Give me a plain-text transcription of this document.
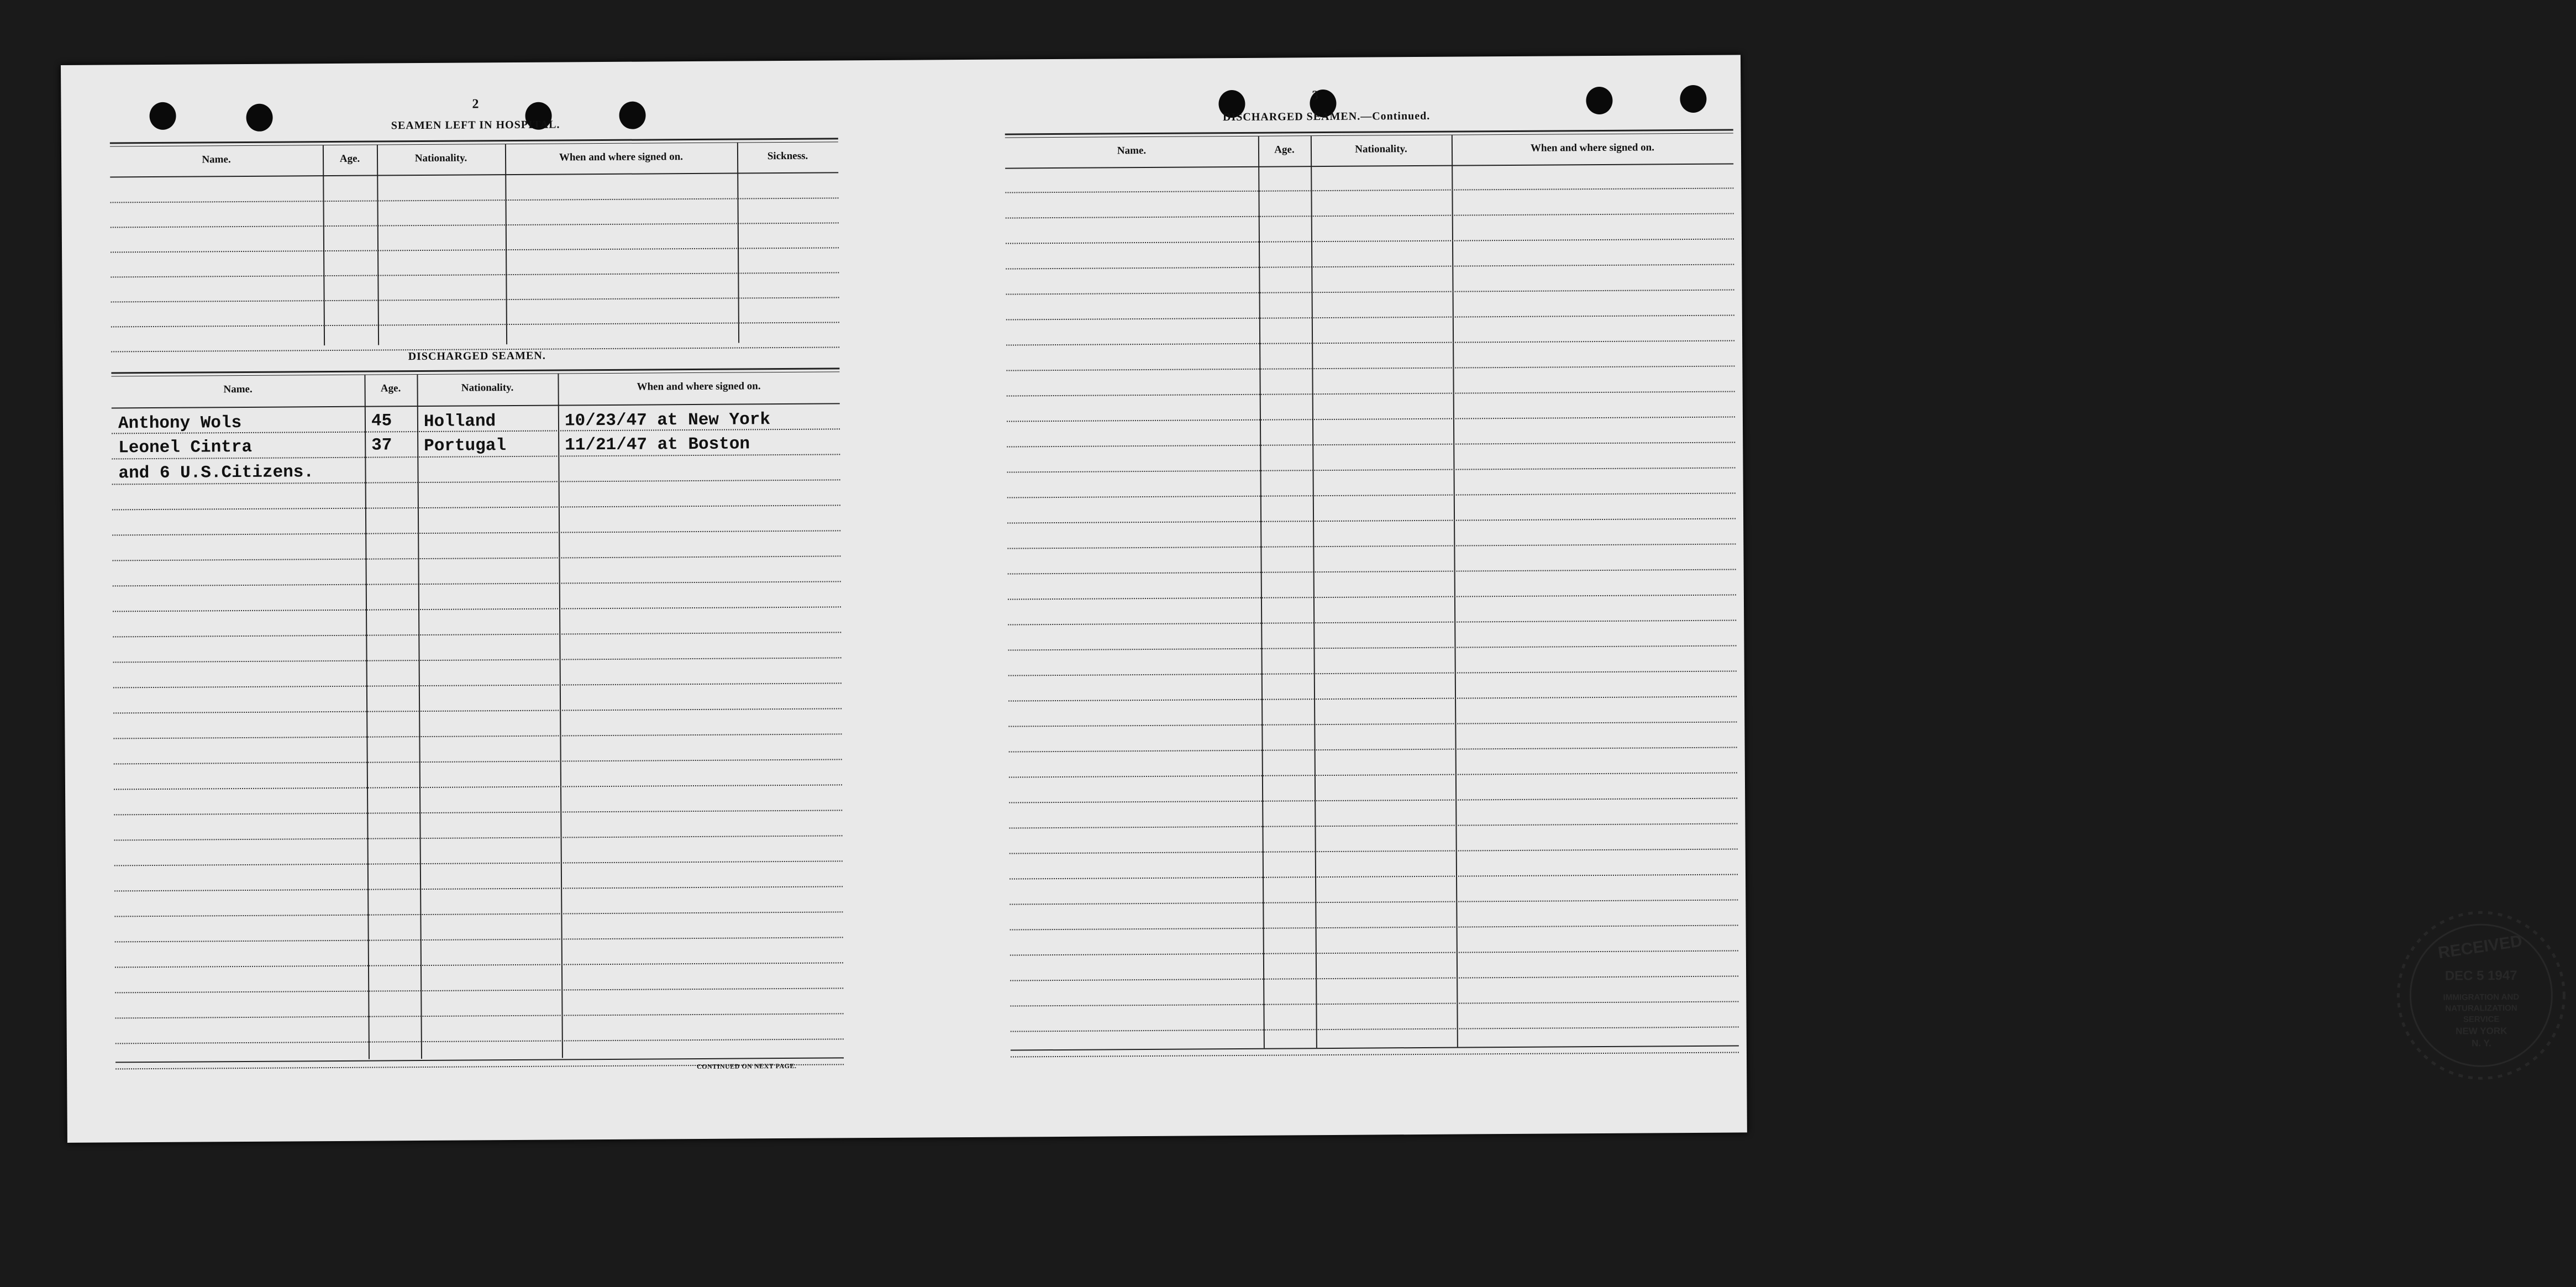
2
SEAMEN LEFT IN HOSPITAL.
Name.	Age.	Nationality.	When and where signed on.	Sickness.
DISCHARGED SEAMEN.
Name.	Age.	Nationality.	When and where signed on.
Anthony Wols	45 Holland	10/23/47 at New York
Leonel Cintra	37 Portugal	11/21/47 at Boston
and 6 U.S.Citizens.
CONTINUED ON NEXT PAGE.
3
DISCHARGED SEAMEN.—Continued.
Name.	Age.	Nationality.	When and where signed on.
RECEIVED
DEC 5 1947
IMMIGRATION AND
NATURALIZATION
SERVICE
NEW YORK
N. Y.
